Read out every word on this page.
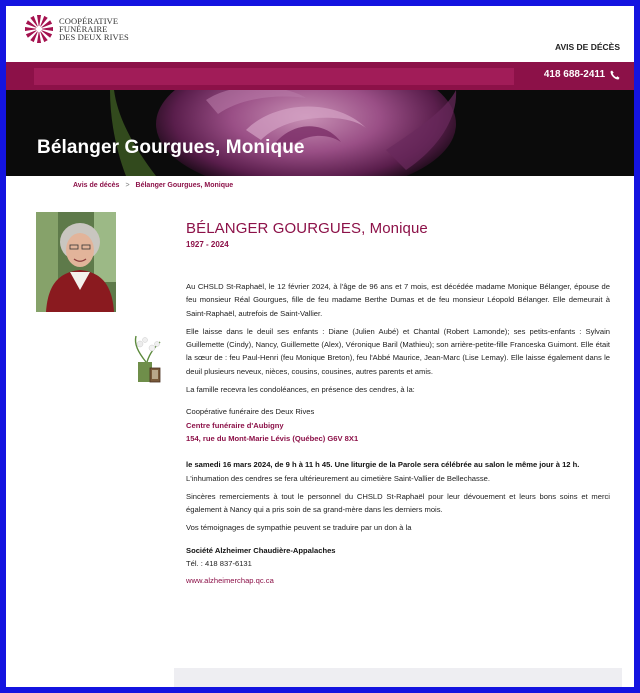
COOPÉRATIVE
FUNÉRAIRE
DES DEUX RIVES
AVIS DE DÉCÈS
418 688-2411
Bélanger Gourgues, Monique
Avis de décès > Bélanger Gourgues, Monique
BÉLANGER GOURGUES, Monique
1927 - 2024

Au CHSLD St-Raphaël, le 12 février 2024, à l'âge de 96 ans et 7 mois, est décédée madame Monique Bélanger, épouse de feu monsieur Réal Gourgues, fille de feu madame Berthe Dumas et de feu monsieur Léopold Bélanger. Elle demeurait à Saint-Raphaël, autrefois de Saint-Vallier.

Elle laisse dans le deuil ses enfants : Diane (Julien Aubé) et Chantal (Robert Lamonde); ses petits-enfants : Sylvain Guillemette (Cindy), Nancy, Guillemette (Alex), Véronique Baril (Mathieu); son arrière-petite-fille Franceska Guimont. Elle était la sœur de : feu Paul-Henri (feu Monique Breton), feu l'Abbé Maurice, Jean-Marc (Lise Lemay). Elle laisse également dans le deuil plusieurs neveux, nièces, cousins, cousines, autres parents et amis.

La famille recevra les condoléances, en présence des cendres, à la:

Coopérative funéraire des Deux Rives
Centre funéraire d'Aubigny
154, rue du Mont-Marie Lévis (Québec) G6V 8X1

le samedi 16 mars 2024, de 9 h à 11 h 45. Une liturgie de la Parole sera célébrée au salon le même jour à 12 h.

L'inhumation des cendres se fera ultérieurement au cimetière Saint-Vallier de Bellechasse.

Sincères remerciements à tout le personnel du CHSLD St-Raphaël pour leur dévouement et leurs bons soins et merci également à Nancy qui a pris soin de sa grand-mère dans les derniers mois.

Vos témoignages de sympathie peuvent se traduire par un don à la

Société Alzheimer Chaudière-Appalaches
Tél. : 418 837-6131
www.alzheimerchap.qc.ca
